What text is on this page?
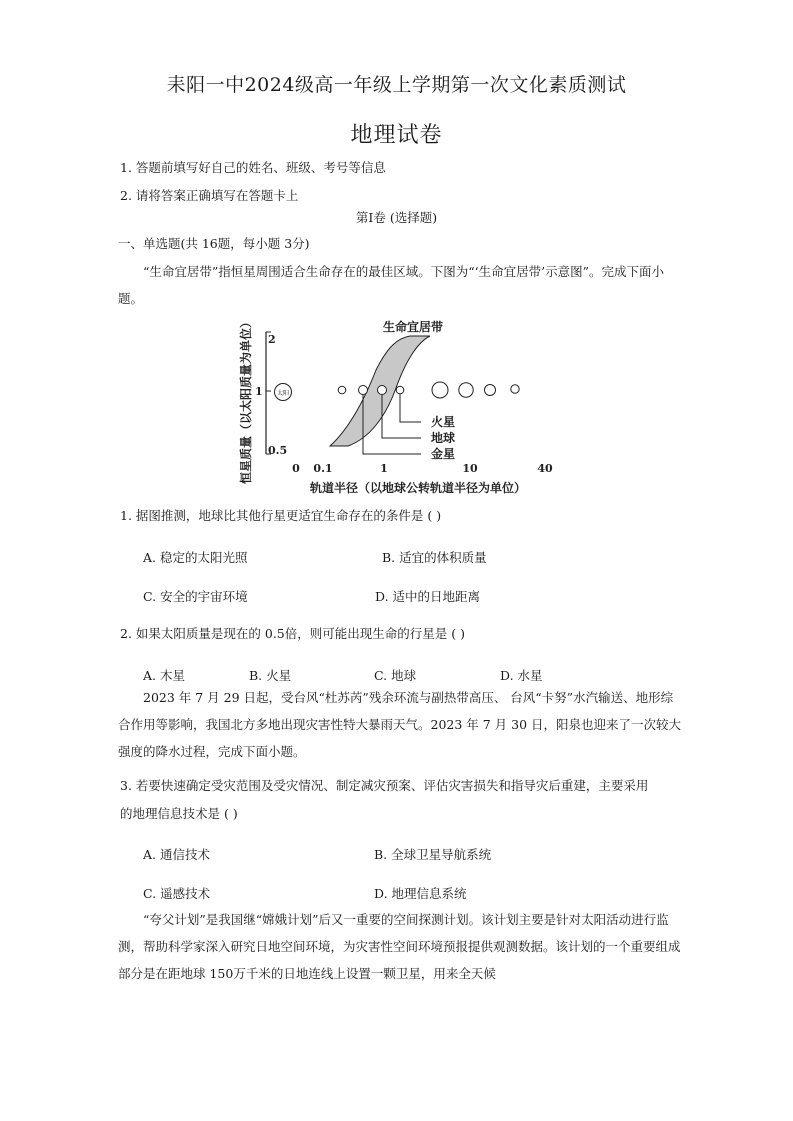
耒阳一中2024级高一年级上学期第一次文化素质测试
地理试卷
1. 答题前填写好自己的姓名、班级、考号等信息
2. 请将答案正确填写在答题卡上
第Ⅰ卷 (选择题)
一、单选题(共 16题，每小题 3分)
“生命宜居带”指恒星周围适合生命存在的最佳区域。下图为“‘生命宜居带’示意图”。完成下面小题。
恒星质量（以太阳质量为单位） 2
1
0.5
太阳
生命宜居带
火星
地球
金星
0 0.1	1	10	40
轨道半径（以地球公转轨道半径为单位）
1. 据图推测，地球比其他行星更适宜生命存在的条件是 ( )
A. 稳定的太阳光照	B. 适宜的体积质量
C. 安全的宇宙环境	D. 适中的日地距离
2. 如果太阳质量是现在的 0.5倍，则可能出现生命的行星是 ( )
A. 木星	B. 火星	C. 地球	D. 水星
2023 年 7 月 29 日起，受台风“杜苏芮”残余环流与副热带高压、 台风“卡努”水汽输送、地形综合作用等影响，我国北方多地出现灾害性特大暴雨天气。2023 年 7 月 30 日，阳泉也迎来了一次较大强度的降水过程，完成下面小题。
3. 若要快速确定受灾范围及受灾情况、制定减灾预案、评估灾害损失和指导灾后重建，主要采用
的地理信息技术是 ( )
A. 通信技术	B. 全球卫星导航系统
C. 遥感技术	D. 地理信息系统
“夸父计划”是我国继“嫦娥计划”后又一重要的空间探测计划。该计划主要是针对太阳活动进行监测，帮助科学家深入研究日地空间环境，为灾害性空间环境预报提供观测数据。该计划的一个重要组成部分是在距地球 150万千米的日地连线上设置一颗卫星，用来全天候
